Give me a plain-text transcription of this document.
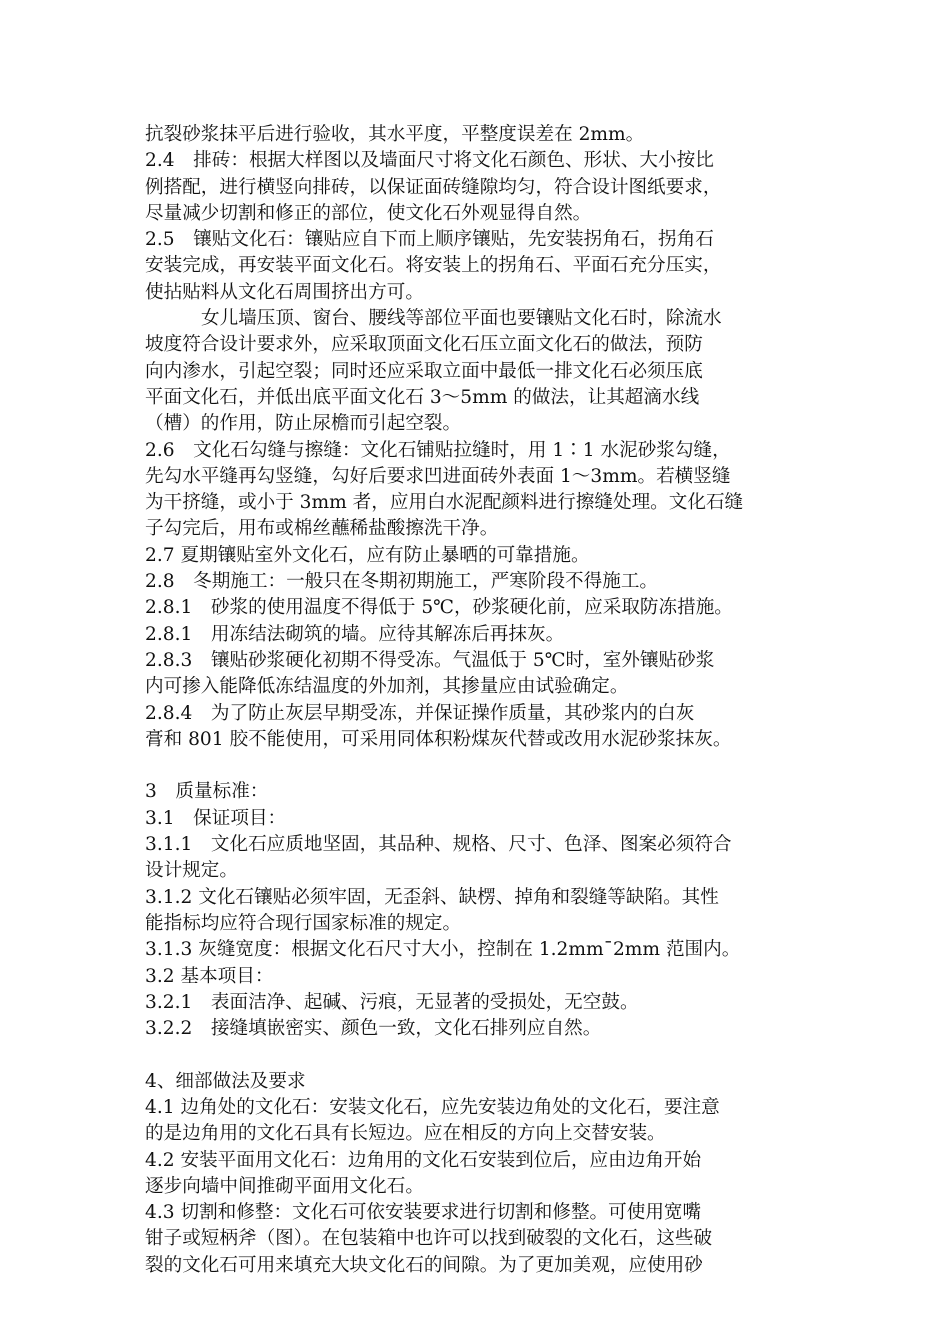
抗裂砂浆抹平后进行验收，其水平度，平整度误差在 2mm。
2.4　排砖：根据大样图以及墙面尺寸将文化石颜色、形状、大小按比
例搭配，进行横竖向排砖，以保证面砖缝隙均匀，符合设计图纸要求，
尽量减少切割和修正的部位，使文化石外观显得自然。
2.5　镶贴文化石：镶贴应自下而上顺序镶贴，先安装拐角石，拐角石
安装完成，再安装平面文化石。将安装上的拐角石、平面石充分压实，
使拈贴料从文化石周围挤出方可。
女儿墙压顶、窗台、腰线等部位平面也要镶贴文化石时，除流水
坡度符合设计要求外，应采取顶面文化石压立面文化石的做法，预防
向内渗水，引起空裂；同时还应采取立面中最低一排文化石必须压底
平面文化石，并低出底平面文化石 3～5mm 的做法，让其超滴水线
（槽）的作用，防止尿檐而引起空裂。
2.6　文化石勾缝与擦缝：文化石铺贴拉缝时，用 1∶1 水泥砂浆勾缝，
先勾水平缝再勾竖缝，勾好后要求凹进面砖外表面 1～3mm。若横竖缝
为干挤缝，或小于 3mm 者，应用白水泥配颜料进行擦缝处理。文化石缝
子勾完后，用布或棉丝蘸稀盐酸擦洗干净。
2.7 夏期镶贴室外文化石，应有防止暴晒的可靠措施。
2.8　冬期施工：一般只在冬期初期施工，严寒阶段不得施工。
2.8.1　砂浆的使用温度不得低于 5℃，砂浆硬化前，应采取防冻措施。
2.8.1　用冻结法砌筑的墙。应待其解冻后再抹灰。
2.8.3　镶贴砂浆硬化初期不得受冻。气温低于 5℃时，室外镶贴砂浆
内可掺入能降低冻结温度的外加剂，其掺量应由试验确定。
2.8.4　为了防止灰层早期受冻，并保证操作质量，其砂浆内的白灰
膏和 801 胶不能使用，可采用同体积粉煤灰代替或改用水泥砂浆抹灰。
3　质量标准：
3.1　保证项目：
3.1.1　文化石应质地坚固，其品种、规格、尺寸、色泽、图案必须符合
设计规定。
3.1.2 文化石镶贴必须牢固，无歪斜、缺楞、掉角和裂缝等缺陷。其性
能指标均应符合现行国家标准的规定。
3.1.3 灰缝宽度：根据文化石尺寸大小，控制在 1.2mm¯2mm 范围内。
3.2 基本项目：
3.2.1　表面洁净、起碱、污痕，无显著的受损处，无空鼓。
3.2.2　接缝填嵌密实、颜色一致，文化石排列应自然。
4、细部做法及要求
4.1 边角处的文化石：安装文化石，应先安装边角处的文化石，要注意
的是边角用的文化石具有长短边。应在相反的方向上交替安装。
4.2 安装平面用文化石：边角用的文化石安装到位后，应由边角开始
逐步向墙中间推砌平面用文化石。
4.3 切割和修整：文化石可依安装要求进行切割和修整。可使用宽嘴
钳子或短柄斧（图）。在包装箱中也许可以找到破裂的文化石，这些破
裂的文化石可用来填充大块文化石的间隙。为了更加美观，应使用砂
